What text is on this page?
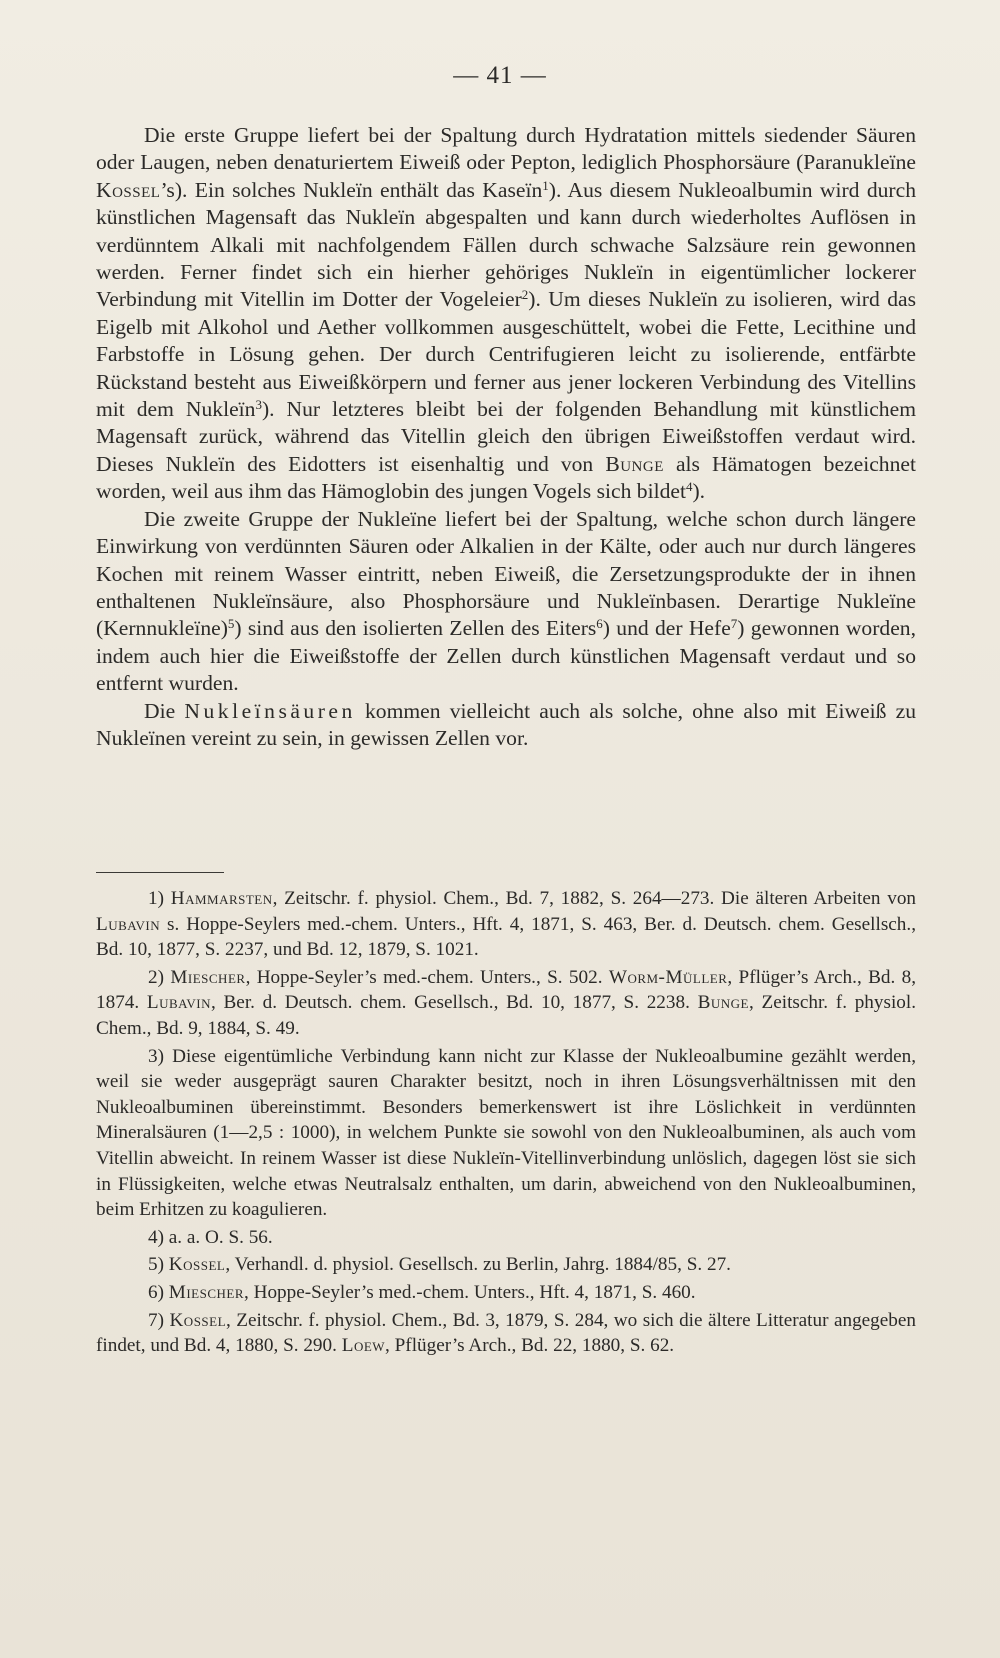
— 41 —

Die erste Gruppe liefert bei der Spaltung durch Hydratation mittels siedender Säuren oder Laugen, neben denaturiertem Eiweiß oder Pepton, lediglich Phosphorsäure (Paranukleïne Kossel’s). Ein solches Nukleïn enthält das Kaseïn$^1$). Aus diesem Nukleoalbumin wird durch künstlichen Magensaft das Nukleïn abgespalten und kann durch wiederholtes Auflösen in verdünntem Alkali mit nachfolgendem Fällen durch schwache Salzsäure rein gewonnen werden. Ferner findet sich ein hierher gehöriges Nukleïn in eigentümlicher lockerer Verbindung mit Vitellin im Dotter der Vogeleier$^2$). Um dieses Nukleïn zu isolieren, wird das Eigelb mit Alkohol und Aether vollkommen ausgeschüttelt, wobei die Fette, Lecithine und Farbstoffe in Lösung gehen. Der durch Centrifugieren leicht zu isolierende, entfärbte Rückstand besteht aus Eiweißkörpern und ferner aus jener lockeren Verbindung des Vitellins mit dem Nukleïn$^3$). Nur letzteres bleibt bei der folgenden Behandlung mit künstlichem Magensaft zurück, während das Vitellin gleich den übrigen Eiweißstoffen verdaut wird. Dieses Nukleïn des Eidotters ist eisenhaltig und von Bunge als Hämatogen bezeichnet worden, weil aus ihm das Hämoglobin des jungen Vogels sich bildet$^4$).

Die zweite Gruppe der Nukleïne liefert bei der Spaltung, welche schon durch längere Einwirkung von verdünnten Säuren oder Alkalien in der Kälte, oder auch nur durch längeres Kochen mit reinem Wasser eintritt, neben Eiweiß, die Zersetzungsprodukte der in ihnen enthaltenen Nukleïnsäure, also Phosphorsäure und Nukleïnbasen. Derartige Nukleïne (Kernnukleïne)$^5$) sind aus den isolierten Zellen des Eiters$^6$) und der Hefe$^7$) gewonnen worden, indem auch hier die Eiweißstoffe der Zellen durch künstlichen Magensaft verdaut und so entfernt wurden.

Die Nukleïnsäuren kommen vielleicht auch als solche, ohne also mit Eiweiß zu Nukleïnen vereint zu sein, in gewissen Zellen vor.

1) Hammarsten, Zeitschr. f. physiol. Chem., Bd. 7, 1882, S. 264—273. Die älteren Arbeiten von Lubavin s. Hoppe-Seylers med.-chem. Unters., Hft. 4, 1871, S. 463, Ber. d. Deutsch. chem. Gesellsch., Bd. 10, 1877, S. 2237, und Bd. 12, 1879, S. 1021.

2) Miescher, Hoppe-Seyler’s med.-chem. Unters., S. 502. Worm-Müller, Pflüger’s Arch., Bd. 8, 1874. Lubavin, Ber. d. Deutsch. chem. Gesellsch., Bd. 10, 1877, S. 2238. Bunge, Zeitschr. f. physiol. Chem., Bd. 9, 1884, S. 49.

3) Diese eigentümliche Verbindung kann nicht zur Klasse der Nukleoalbumine gezählt werden, weil sie weder ausgeprägt sauren Charakter besitzt, noch in ihren Lösungsverhältnissen mit den Nukleoalbuminen übereinstimmt. Besonders bemerkenswert ist ihre Löslichkeit in verdünnten Mineralsäuren (1—2,5 : 1000), in welchem Punkte sie sowohl von den Nukleoalbuminen, als auch vom Vitellin abweicht. In reinem Wasser ist diese Nukleïn-Vitellinverbindung unlöslich, dagegen löst sie sich in Flüssigkeiten, welche etwas Neutralsalz enthalten, um darin, abweichend von den Nukleoalbuminen, beim Erhitzen zu koagulieren.

4) a. a. O. S. 56.

5) Kossel, Verhandl. d. physiol. Gesellsch. zu Berlin, Jahrg. 1884/85, S. 27.

6) Miescher, Hoppe-Seyler’s med.-chem. Unters., Hft. 4, 1871, S. 460.

7) Kossel, Zeitschr. f. physiol. Chem., Bd. 3, 1879, S. 284, wo sich die ältere Litteratur angegeben findet, und Bd. 4, 1880, S. 290. Loew, Pflüger’s Arch., Bd. 22, 1880, S. 62.
